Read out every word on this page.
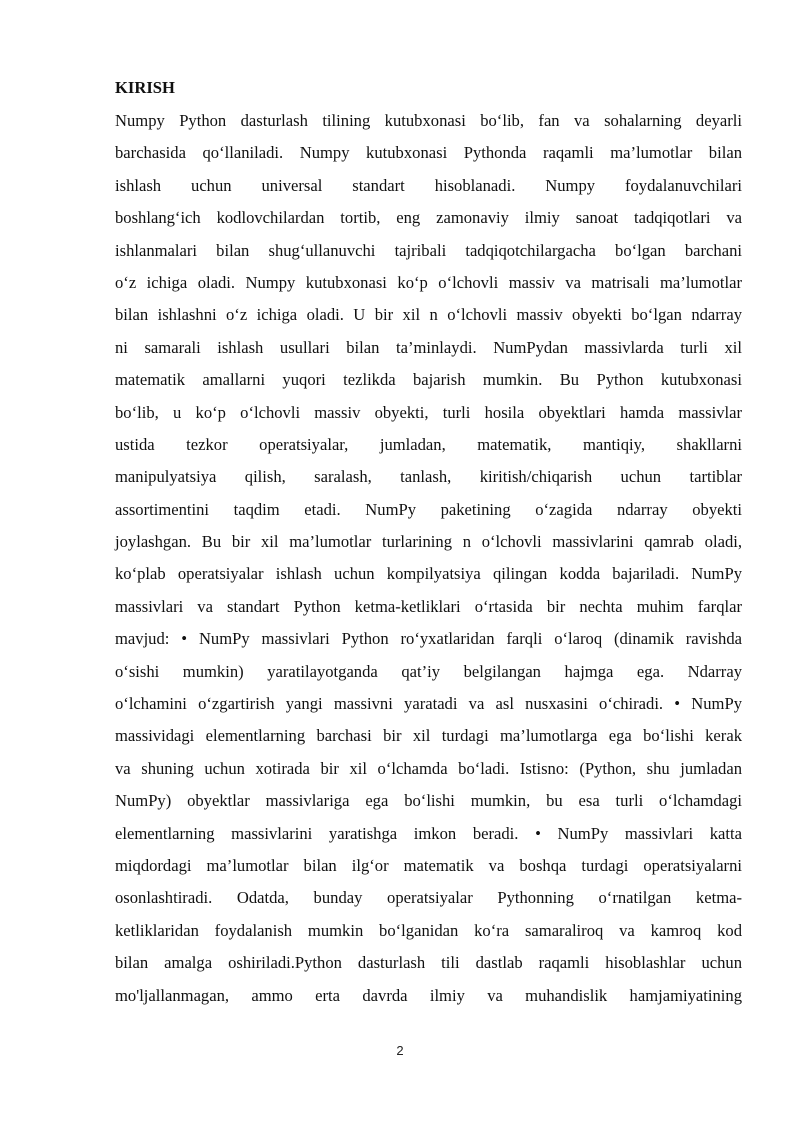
KIRISH
Numpy Python dasturlash tilining kutubxonasi bo‘lib, fan va sohalarning deyarli
barchasida qo‘llaniladi. Numpy kutubxonasi Pythonda raqamli ma’lumotlar bilan
ishlash uchun universal standart hisoblanadi. Numpy foydalanuvchilari
boshlang‘ich kodlovchilardan tortib, eng zamonaviy ilmiy sanoat tadqiqotlari va
ishlanmalari bilan shug‘ullanuvchi tajribali tadqiqotchilargacha bo‘lgan barchani
o‘z ichiga oladi. Numpy kutubxonasi ko‘p o‘lchovli massiv va matrisali ma’lumotlar
bilan ishlashni o‘z ichiga oladi. U bir xil n o‘lchovli massiv obyekti bo‘lgan ndarray
ni samarali ishlash usullari bilan ta’minlaydi. NumPydan massivlarda turli xil
matematik amallarni yuqori tezlikda bajarish mumkin. Bu Python kutubxonasi
bo‘lib, u ko‘p o‘lchovli massiv obyekti, turli hosila obyektlari hamda massivlar
ustida tezkor operatsiyalar, jumladan, matematik, mantiqiy, shakllarni
manipulyatsiya qilish, saralash, tanlash, kiritish/chiqarish uchun tartiblar
assortimentini taqdim etadi. NumPy paketining o‘zagida ndarray obyekti
joylashgan. Bu bir xil ma’lumotlar turlarining n o‘lchovli massivlarini qamrab oladi,
ko‘plab operatsiyalar ishlash uchun kompilyatsiya qilingan kodda bajariladi. NumPy
massivlari va standart Python ketma-ketliklari o‘rtasida bir nechta muhim farqlar
mavjud: • NumPy massivlari Python ro‘yxatlaridan farqli o‘laroq (dinamik ravishda
o‘sishi mumkin) yaratilayotganda qat’iy belgilangan hajmga ega. Ndarray
o‘lchamini o‘zgartirish yangi massivni yaratadi va asl nusxasini o‘chiradi. • NumPy
massividagi elementlarning barchasi bir xil turdagi ma’lumotlarga ega bo‘lishi kerak
va shuning uchun xotirada bir xil o‘lchamda bo‘ladi. Istisno: (Python, shu jumladan
NumPy) obyektlar massivlariga ega bo‘lishi mumkin, bu esa turli o‘lchamdagi
elementlarning massivlarini yaratishga imkon beradi. • NumPy massivlari katta
miqdordagi ma’lumotlar bilan ilg‘or matematik va boshqa turdagi operatsiyalarni
osonlashtiradi. Odatda, bunday operatsiyalar Pythonning o‘rnatilgan ketma-
ketliklaridan foydalanish mumkin bo‘lganidan ko‘ra samaraliroq va kamroq kod
bilan amalga oshiriladi.Python dasturlash tili dastlab raqamli hisoblashlar uchun
mo'ljallanmagan, ammo erta davrda ilmiy va muhandislik hamjamiyatining
2
